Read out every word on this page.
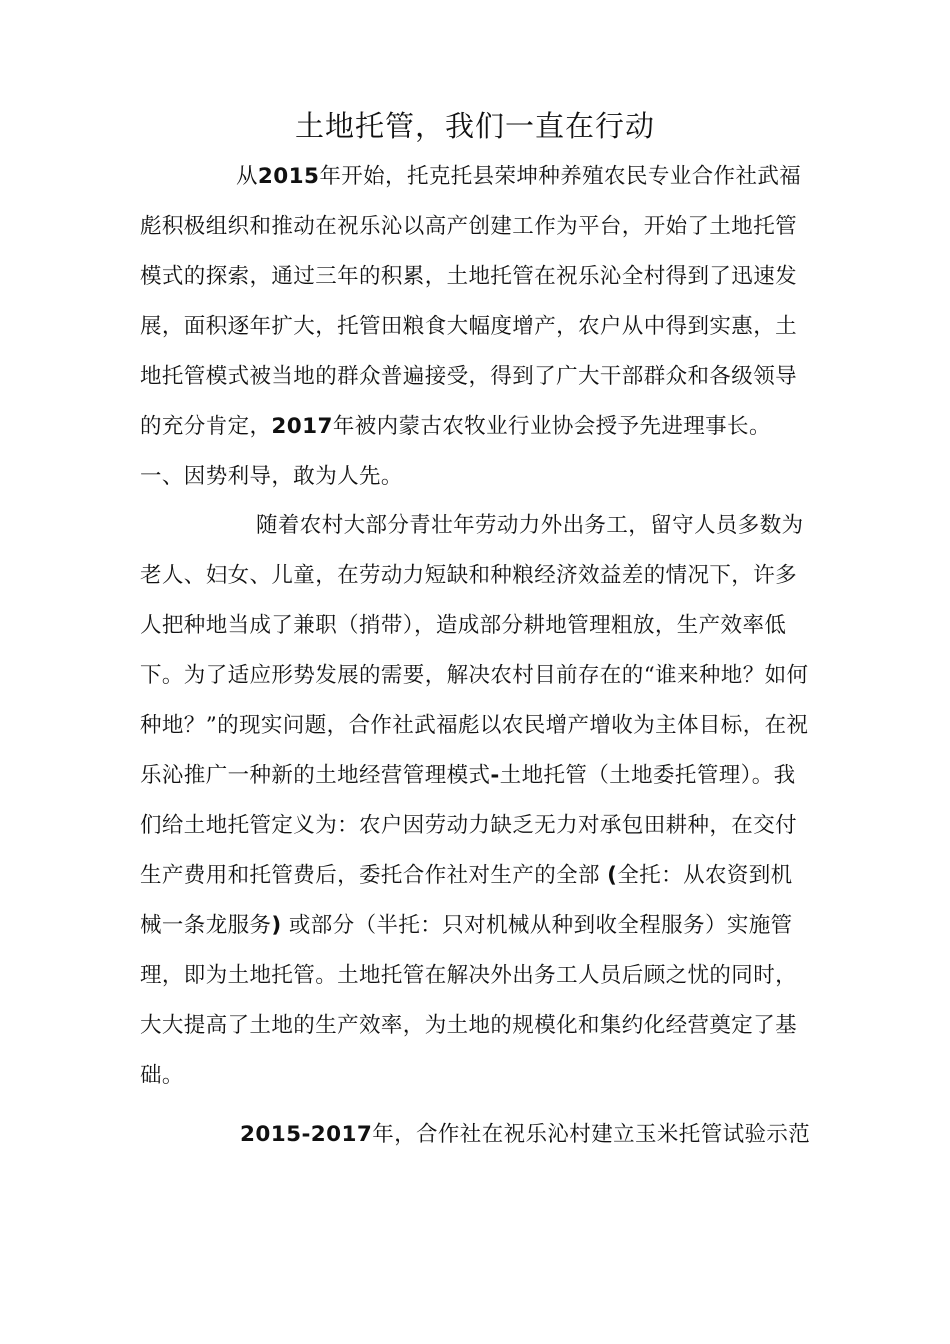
土地托管，我们一直在行动
从2015年开始，托克托县荣坤种养殖农民专业合作社武福
彪积极组织和推动在祝乐沁以高产创建工作为平台，开始了土地托管
模式的探索，通过三年的积累，土地托管在祝乐沁全村得到了迅速发
展，面积逐年扩大，托管田粮食大幅度增产，农户从中得到实惠，土
地托管模式被当地的群众普遍接受，得到了广大干部群众和各级领导
的充分肯定，2017年被内蒙古农牧业行业协会授予先进理事长。
一、因势利导，敢为人先。
随着农村大部分青壮年劳动力外出务工，留守人员多数为
老人、妇女、儿童，在劳动力短缺和种粮经济效益差的情况下，许多
人把种地当成了兼职（捎带），造成部分耕地管理粗放，生产效率低
下。为了适应形势发展的需要，解决农村目前存在的“谁来种地？如何
种地？”的现实问题，合作社武福彪以农民增产增收为主体目标，在祝
乐沁推广一种新的土地经营管理模式-土地托管（土地委托管理）。我
们给土地托管定义为：农户因劳动力缺乏无力对承包田耕种，在交付
生产费用和托管费后，委托合作社对生产的全部 (全托：从农资到机
械一条龙服务) 或部分（半托：只对机械从种到收全程服务）实施管
理，即为土地托管。土地托管在解决外出务工人员后顾之忧的同时，
大大提高了土地的生产效率，为土地的规模化和集约化经营奠定了基
础。
2015-2017年，合作社在祝乐沁村建立玉米托管试验示范
